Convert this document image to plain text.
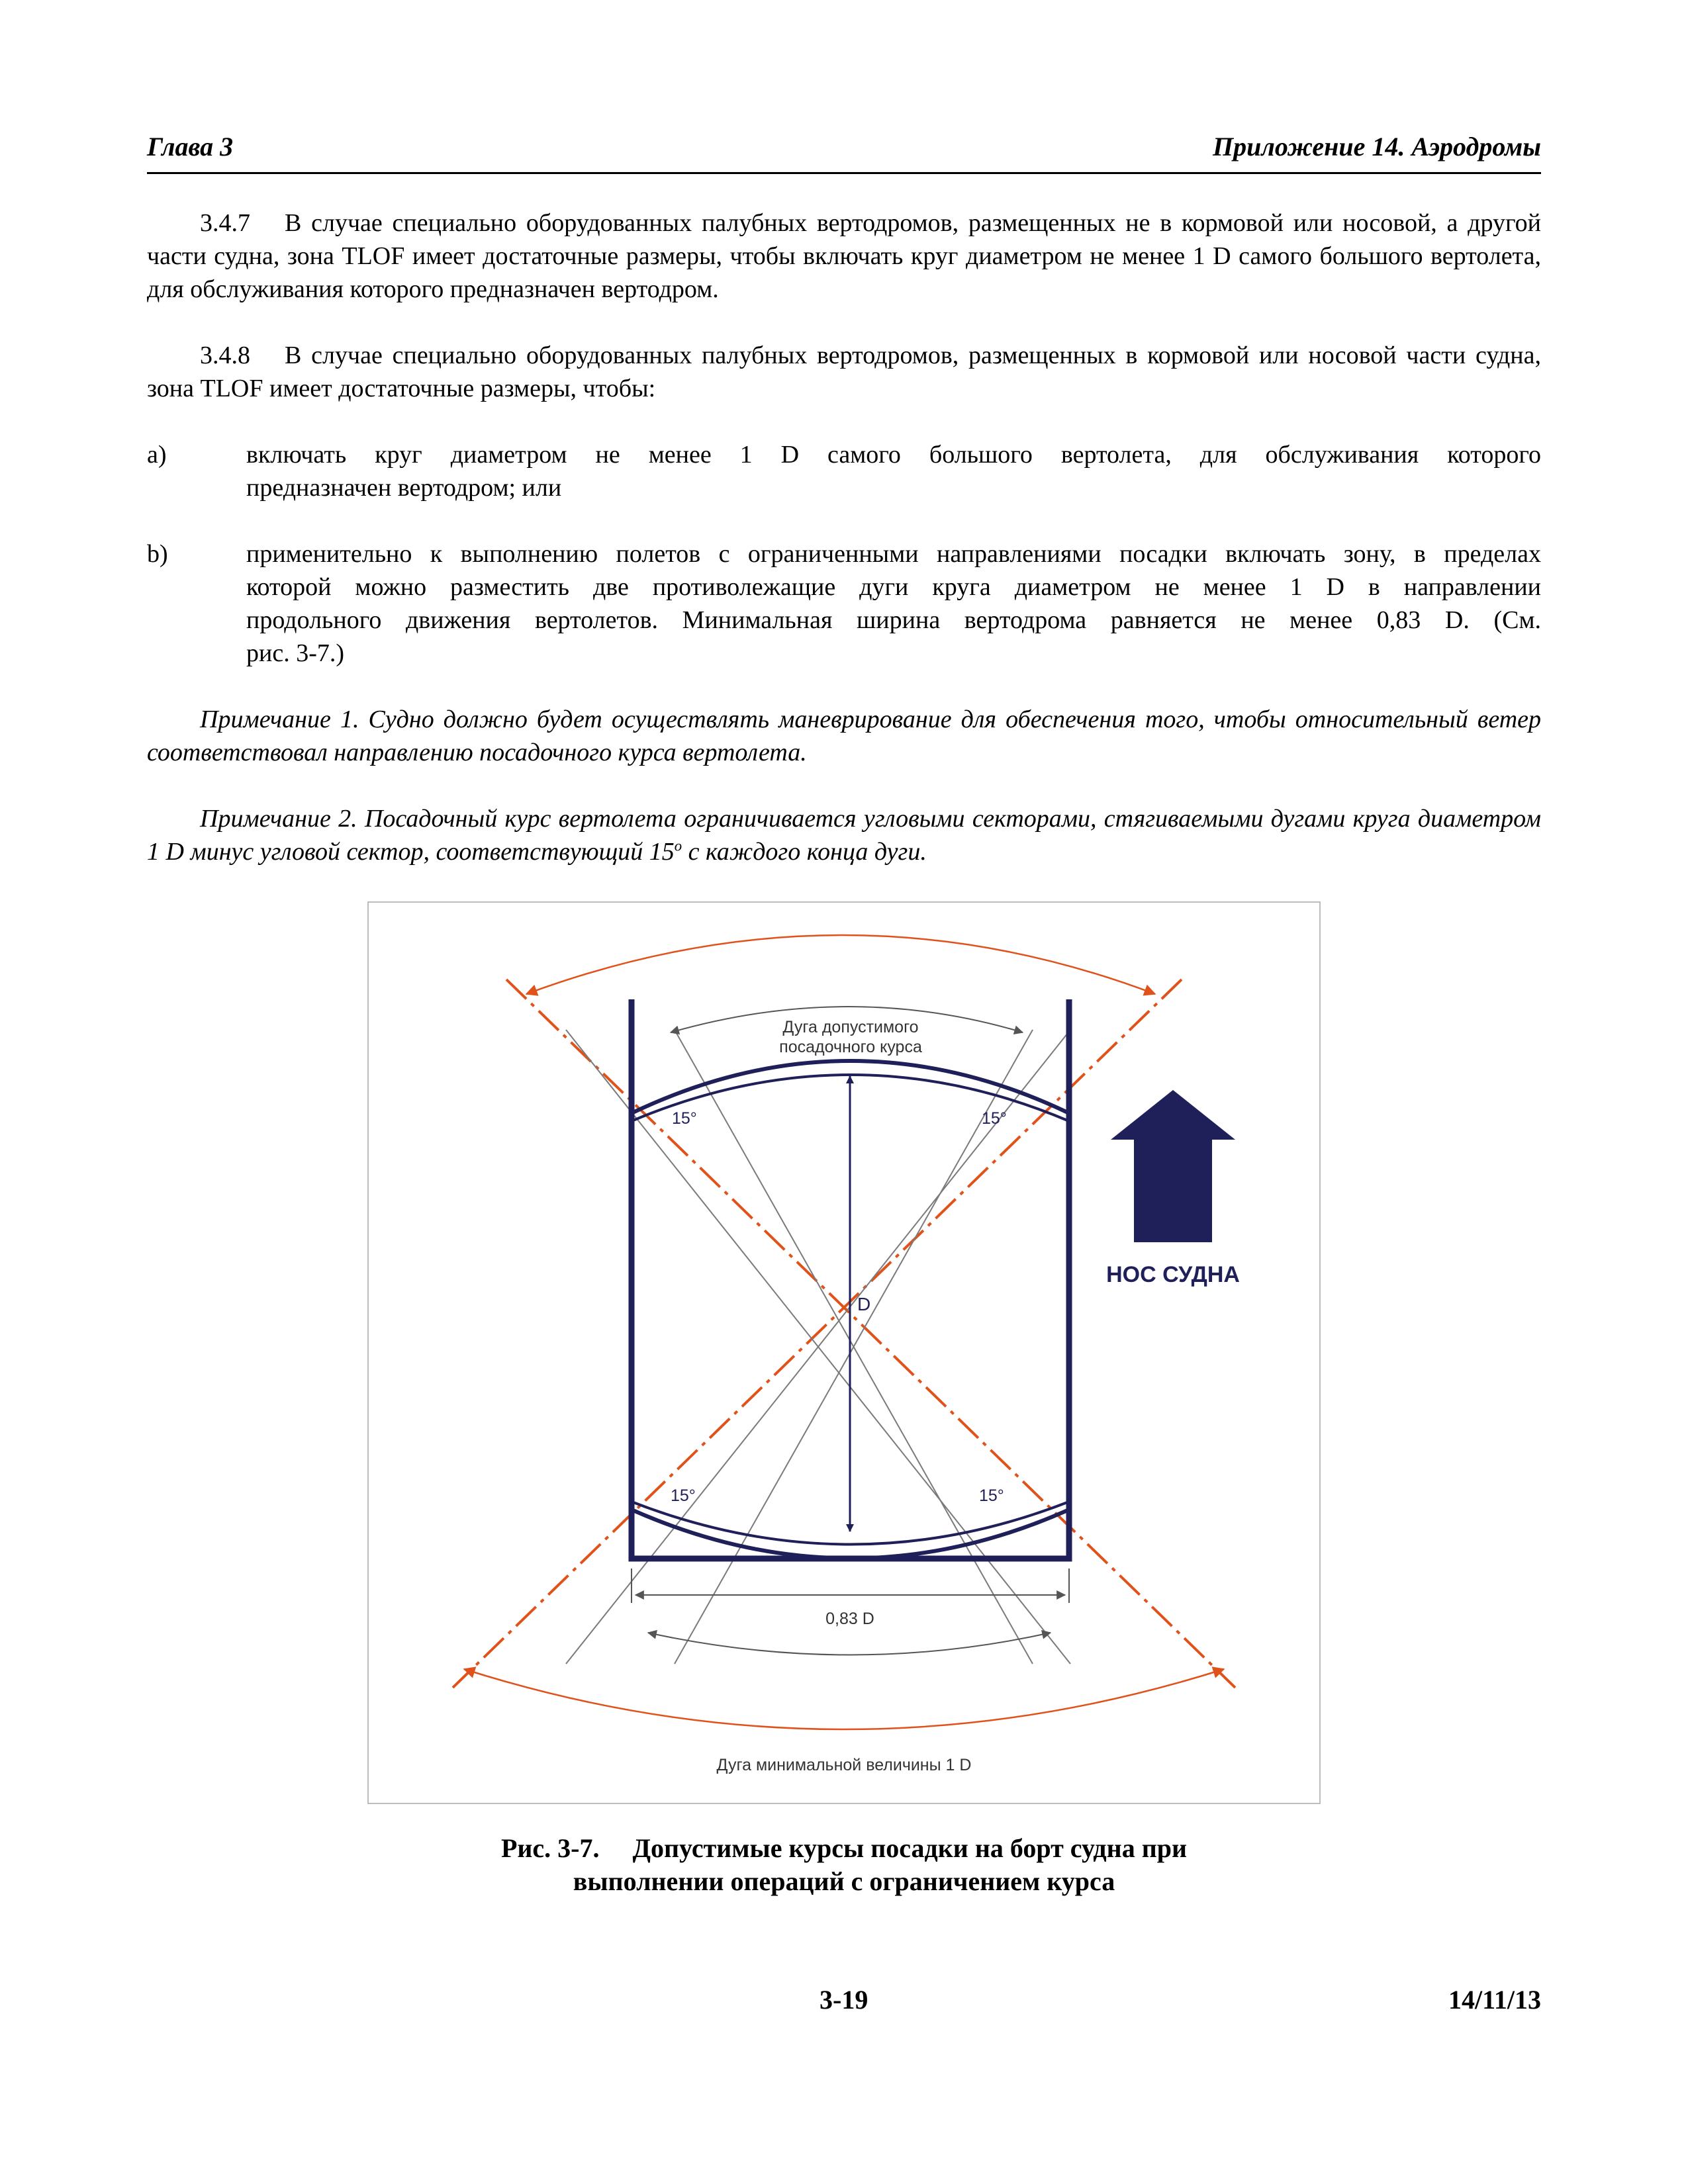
Глава 3	Приложение 14. Аэродромы
3.4.7 В случае специально оборудованных палубных вертодромов, размещенных не в кормовой или носовой, а другой части судна, зона TLOF имеет достаточные размеры, чтобы включать круг диаметром не менее 1 D самого большого вертолета, для обслуживания которого предназначен вертодром.
3.4.8 В случае специально оборудованных палубных вертодромов, размещенных в кормовой или носовой части судна, зона TLOF имеет достаточные размеры, чтобы:
a)	включать круг диаметром не менее 1 D самого большого вертолета, для обслуживания которого
предназначен вертодром; или
b)	применительно к выполнению полетов с ограниченными направлениями посадки включать зону, в пределах
которой можно разместить две противолежащие дуги круга диаметром не менее 1 D в направлении
продольного движения вертолетов. Минимальная ширина вертодрома равняется не менее 0,83 D. (См.
рис. 3-7.)
Примечание 1. Судно должно будет осуществлять маневрирование для обеспечения того, чтобы относительный ветер соответствовал направлению посадочного курса вертолета.
Примечание 2. Посадочный курс вертолета ограничивается угловыми секторами, стягиваемыми дугами круга диаметром 1 D минус угловой сектор, соответствующий $15^о$ с каждого конца дуги.
D
Дуга допустимого
посадочного курса
15°	15°
15°	15°
0,83 D
Дуга минимальной величины 1 D
НОС СУДНА
Рис. 3-7.     Допустимые курсы посадки на борт судна при
выполнении операций с ограничением курса
3-19	14/11/13
